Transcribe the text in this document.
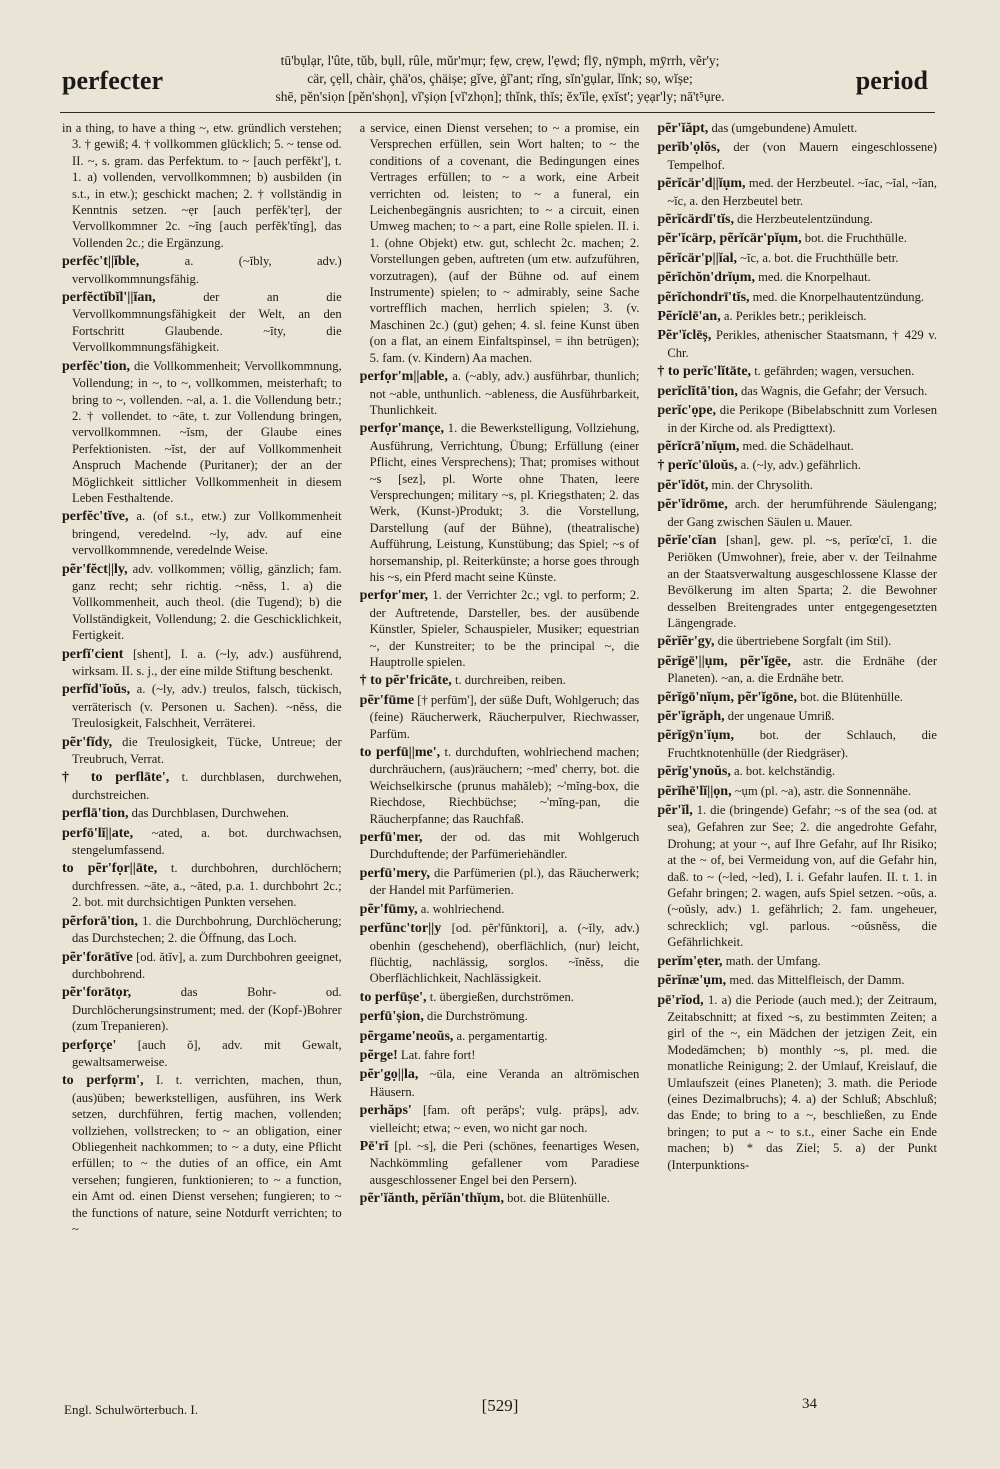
perfecter
tū'bụlạr, l'ûte, tŭb, bụll, rûle, mŭr'mụr; fẹw, crẹw, l'ẹwd; flȳ, nȳmph, mȳrrh, vẽr'y;
cär, çẹll, chàir, çhä'os, çhäișe; gĭve, ġĭ'ant; rĭng, sĭn'gụlar, lĭnk; sọ, wĭșe;
shē, pĕn'siọn [pĕn'shọn], vĭ'șiọn [vĭ'zhọn]; thĭnk, thĭs; ĕx'īle, ẹxĭst'; yẹạr'ly; nā't⁵ụre.
period

in a thing, to have a thing ~, etw. gründlich verstehen; 3. † gewiß; 4. † vollkommen glücklich; 5. ~ tense od. II. ~, s. gram. das Perfektum. to ~ [auch perfĕkt'], t. 1. a) vollenden, vervollkommnen; b) ausbilden (in s.t., in etw.); geschickt machen; 2. † vollständig in Kenntnis setzen. ~ẹr [auch perfĕk'tẹr], der Vervollkommner 2c. ~ĭng [auch perfĕk'tĭng], das Vollenden 2c.; die Ergänzung.

perfĕc't||ĭble,	a. (~ĭbly, adv.) vervollkommnungsfähig.

perfĕctĭbĭl'||ĭan,	der an die Vervollkommnungsfähigkeit der Welt, an den Fortschritt Glaubende. ~ĭty, die Vervollkommnungsfähigkeit.

perfĕc'tion, die Vollkommenheit; Vervollkommnung, Vollendung; in ~, to ~, vollkommen, meisterhaft; to bring to ~, vollenden. ~al, a. 1. die Vollendung betr.; 2. † vollendet. to ~āte, t. zur Vollendung bringen, vervollkommnen. ~ĭsm, der Glaube eines Perfektionisten. ~ĭst, der auf Vollkommenheit Anspruch Machende (Puritaner); der an der Möglichkeit sittlicher Vollkommenheit in diesem Leben Festhaltende.

perfĕc'tĭve, a. (of s.t., etw.) zur Vollkommenheit bringend, veredelnd. ~ly, adv. auf eine vervollkommnende, veredelnde Weise.

pẽr'fĕct||ly, adv. vollkommen; völlig, gänzlich; fam. ganz recht; sehr richtig. ~nĕss, 1. a) die Vollkommenheit, auch theol. (die Tugend); b) die Vollständigkeit, Vollendung; 2. die Geschicklichkeit, Fertigkeit.

perfĭ'cient [shent], I. a. (~ly, adv.) ausführend, wirksam. II. s. j., der eine milde Stiftung beschenkt.

perfĭd'ĭoŭs, a. (~ly, adv.) treulos, falsch, tückisch, verräterisch (v. Personen u. Sachen). ~nĕss, die Treulosigkeit, Falschheit, Verräterei.

pẽr'fĭdy, die Treulosigkeit, Tücke, Untreue; der Treubruch, Verrat.

† to perflāte', t. durchblasen, durchwehen, durchstreichen.

perflā'tion, das Durchblasen, Durchwehen.

perfō'lĭ||ate, ~ated, a. bot. durchwachsen, stengelumfassend.

to pẽr'fọr||āte, t. durchbohren, durchlöchern; durchfressen. ~āte, a., ~āted, p.a. 1. durchbohrt 2c.; 2. bot. mit durchsichtigen Punkten versehen.

pẽrforā'tion, 1. die Durchbohrung, Durchlöcherung; das Durchstechen; 2. die Öffnung, das Loch.

pẽr'forātĭve [od. ătĭv], a. zum Durchbohren geeignet, durchbohrend.

pẽr'forātọr,	das Bohr- od. Durchlöcherungsinstrument; med. der (Kopf-)Bohrer (zum Trepanieren).

perfọrçe' [auch ŏ], adv. mit Gewalt, gewaltsamerweise.

to perfọrm', I. t. verrichten, machen, thun, (aus)üben; bewerkstelligen, ausführen, ins Werk setzen, durchführen, fertig machen, vollenden; vollziehen, vollstrecken; to ~ an obligation, einer Obliegenheit nachkommen; to ~ a duty, eine Pflicht erfüllen; to ~ the duties of an office, ein Amt versehen; fungieren, funktionieren; to ~ a function, ein Amt od. einen Dienst versehen; fungieren; to ~ the functions of nature, seine Notdurft verrichten; to ~

a service, einen Dienst versehen; to ~ a promise, ein Versprechen erfüllen, sein Wort halten; to ~ the conditions of a covenant, die Bedingungen eines Vertrages erfüllen; to ~ a work, eine Arbeit verrichten od. leisten; to ~ a funeral, ein Leichenbegängnis ausrichten; to ~ a circuit, einen Umweg machen; to ~ a part, eine Rolle spielen. II. i. 1. (ohne Objekt) etw. gut, schlecht 2c. machen; 2. Vorstellungen geben, auftreten (um etw. aufzuführen, vorzutragen), (auf der Bühne od. auf einem Instrumente) spielen; to ~ admirably, seine Sache vortrefflich machen, herrlich spielen; 3. (v. Maschinen 2c.) (gut) gehen; 4. sl. feine Kunst üben (on a flat, an einem Einfaltspinsel, = ihn betrügen); 5. fam. (v. Kindern) Aa machen.

perfọr'm||able, a. (~ably, adv.) ausführbar, thunlich; not ~able, unthunlich. ~ableness, die Ausführbarkeit, Thunlichkeit.

perfọr'mançe, 1. die Bewerkstelligung, Vollziehung, Ausführung, Verrichtung, Übung; Erfüllung (einer Pflicht, eines Versprechens); That; promises without ~s [sez], pl. Worte ohne Thaten, leere Versprechungen; military ~s, pl. Kriegsthaten; 2. das Werk, (Kunst-)Produkt; 3. die Vorstellung, Darstellung (auf der Bühne), (theatralische) Aufführung, Leistung, Kunstübung; das Spiel; ~s of horsemanship, pl. Reiterkünste; a horse goes through his ~s, ein Pferd macht seine Künste.

perfọr'mer, 1. der Verrichter 2c.; vgl. to perform; 2. der Auftretende, Darsteller, bes. der ausübende Künstler, Spieler, Schauspieler, Musiker; equestrian ~, der Kunstreiter; to be the principal ~, die Hauptrolle spielen.

† to pẽr'fricāte, t. durchreiben, reiben.

pẽr'fūme [† perfūm'], der süße Duft, Wohlgeruch; das (feine) Räucherwerk, Räucherpulver, Riechwasser, Parfüm.

to perfū||me', t. durchduften, wohlriechend machen; durchräuchern, (aus)räuchern; ~med' cherry, bot. die Weichselkirsche (prunus mahăleb); ~'mĭng-box, die Riechdose, Riechbüchse; ~'mĭng-pan, die Räucherpfanne; das Rauchfaß.

perfū'mer, der od. das mit Wohlgeruch Durchduftende; der Parfümeriehändler.

perfū'mery, die Parfümerien (pl.), das Räucherwerk; der Handel mit Parfümerien.

pẽr'fūmy, a. wohlriechend.

perfŭnc'tor||y [od. pẽr'fŭnktori], a. (~ĭly, adv.) obenhin (geschehend), oberflächlich, (nur) leicht, flüchtig, nachlässig, sorglos. ~ĭnĕss, die Oberflächlichkeit, Nachlässigkeit.

to perfūșe', t. übergießen, durchströmen.

perfū'șion, die Durchströmung.

pẽrgame'neoŭs, a. pergamentartig.

pẽrge! Lat. fahre fort!

pẽr'gọ||la, ~ūla, eine Veranda an altrömischen Häusern.

perhăps' [fam. oft perăps'; vulg. präps], adv. vielleicht; etwa; ~ even, wo nicht gar noch.

Pē'rĭ [pl. ~s], die Peri (schönes, feenartiges Wesen, Nachkömmling gefallener vom Paradiese ausgeschlossener Engel bei den Persern).

pẽr'ĭănth, pẽrĭăn'thĭụm, bot. die Blütenhülle.

pẽr'ĭăpt, das (umgebundene) Amulett.

perĭb'ọlŏs, der (von Mauern eingeschlossene) Tempelhof.

pẽrĭcär'd||ĭụm, med. der Herzbeutel. ~ĭac, ~ĭal, ~ĭan, ~ĭc, a. den Herzbeutel betr.

pẽrĭcärdī'tĭs, die Herzbeutelentzündung.

pẽr'ĭcärp, pẽrĭcär'pĭụm, bot. die Fruchthülle.

pẽrĭcär'p||ĭal, ~ĭc, a. bot. die Fruchthülle betr.

pẽrĭchŏn'drĭụm, med. die Knorpelhaut.

pẽrĭchondrī'tĭs, med. die Knorpelhautentzündung.

Pẽrĭclē'an, a. Perikles betr.; perikleisch.

Pẽr'ĭclēș, Perikles, athenischer Staatsmann, † 429 v. Chr.

† to perĭc'lĭtāte, t. gefährden; wagen, versuchen.

perĭclĭtā'tion, das Wagnis, die Gefahr; der Versuch.

perĭc'ọpe, die Perikope (Bibelabschnitt zum Vorlesen in der Kirche od. als Predigttext).

pẽrĭcrā'nĭụm, med. die Schädelhaut.

† perĭc'ūloŭs, a. (~ly, adv.) gefährlich.

pẽr'ĭdŏt, min. der Chrysolith.

pẽr'ĭdrōme, arch. der herumführende Säulengang; der Gang zwischen Säulen u. Mauer.

pẽrĭe'cĭan [shan], gew. pl. ~s, perĭœ'cĭ, 1. die Periöken (Umwohner), freie, aber v. der Teilnahme an der Staatsverwaltung ausgeschlossene Klasse der Bevölkerung im alten Sparta; 2. die Bewohner desselben Breitengrades unter entgegengesetzten Längengrade.

pẽrĭẽr'gy, die übertriebene Sorgfalt (im Stil).

pẽrĭgē'||ụm, pẽr'ĭgēe, astr. die Erdnähe (der Planeten). ~an, a. die Erdnähe betr.

pẽrĭgō'nĭụm, pẽr'ĭgōne, bot. die Blütenhülle.

pẽr'ĭgrăph, der ungenaue Umriß.

pẽrĭgȳn'ĭụm, bot. der Schlauch, die Fruchtknotenhülle (der Riedgräser).

pẽrĭg'ynoŭs, a. bot. kelchständig.

pẽrĭhē'lĭ||ọn, ~ụm (pl. ~a), astr. die Sonnennähe.

pẽr'ĭl, 1. die (bringende) Gefahr; ~s of the sea (od. at sea), Gefahren zur See; 2. die angedrohte Gefahr, Drohung; at your ~, auf Ihre Gefahr, auf Ihr Risiko; at the ~ of, bei Vermeidung von, auf die Gefahr hin, daß. to ~ (~led, ~led), I. i. Gefahr laufen. II. t. 1. in Gefahr bringen; 2. wagen, aufs Spiel setzen. ~oŭs, a. (~oŭsly, adv.) 1. gefährlich; 2. fam. ungeheuer, schrecklich; vgl. parlous. ~oŭsnĕss, die Gefährlichkeit.

perĭm'ẹter, math. der Umfang.

pẽrĭnæ'ụm, med. das Mittelfleisch, der Damm.

pē'rĭod, 1. a) die Periode (auch med.); der Zeitraum, Zeitabschnitt; at fixed ~s, zu bestimmten Zeiten; a girl of the ~, ein Mädchen der jetzigen Zeit, ein Modedämchen; b) monthly ~s, pl. med. die monatliche Reinigung; 2. der Umlauf, Kreislauf, die Umlaufszeit (eines Planeten); 3. math. die Periode (eines Dezimalbruchs); 4. a) der Schluß; Abschluß; das Ende; to bring to a ~, beschließen, zu Ende bringen; to put a ~ to s.t., einer Sache ein Ende machen; b) * das Ziel; 5. a) der Punkt (Interpunktions-

Engl. Schulwörterbuch. I.	[529]	34
